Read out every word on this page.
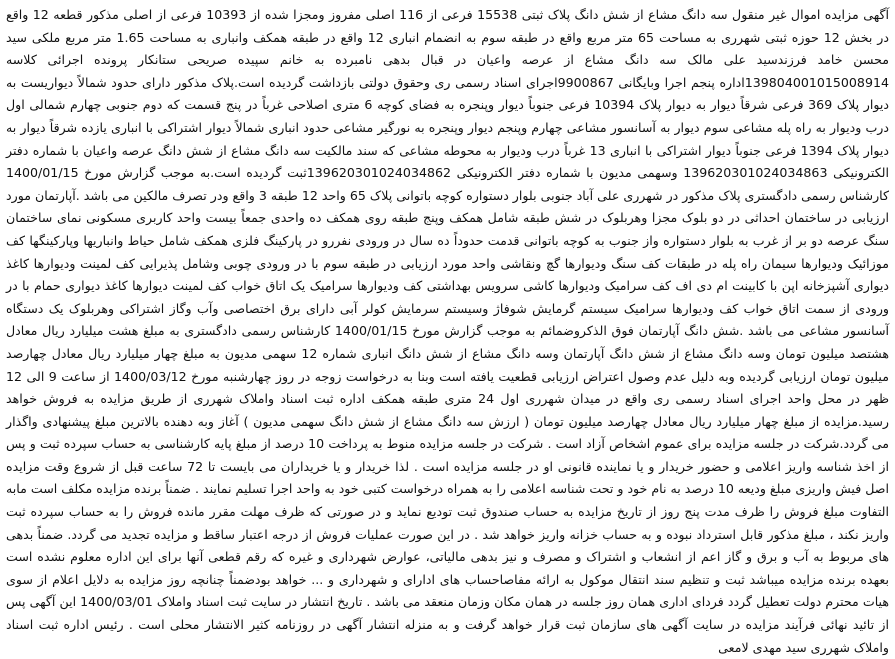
آگهی مزایده اموال غیر منقول سه دانگ مشاع از شش دانگ پلاک ثبتی 15538 فرعی از 116 اصلی مفروز ومجزا شده از 10393 فرعی از اصلی مذکور قطعه 12 واقع در بخش 12 حوزه ثبتی شهرری به مساحت 65 متر مربع واقع در طبقه سوم به انضمام انباری 12 واقع در طبقه همکف وانباری به مساحت 1.65 متر مربع ملکی سید محسن خامد فرزندسید علی مالک سه دانگ مشاع از عرصه واعیان در قبال بدهی نامبرده به خانم سپیده صریحی ستانکار پرونده اجرائی کلاسه 139804001015008914اداره پنجم اجرا وبایگانی 9900867اجرای اسناد رسمی ری وحقوق دولتی بازداشت گردیده است.پلاک مذکور دارای حدود شمالاً دیواریست به دیوار پلاک 369 فرعی شرقاً دیوار به دیوار پلاک 10394 فرعی جنوباً دیوار وپنجره به فضای کوچه 6 متری اصلاحی غرباً در پنج قسمت که دوم جنوبی چهارم شمالی اول درب ودیوار به راه پله مشاعی سوم دیوار به آسانسور مشاعی چهارم وپنجم دیوار وپنجره به نورگیر مشاعی حدود انباری شمالاً دیوار اشتراکی با انباری یازده شرقاً دیوار به دیوار پلاک 1394 فرعی جنوباً دیوار اشتراکی با انباری 13 غرباً درب ودیوار به محوطه مشاعی که سند مالکیت سه دانگ مشاع از شش دانگ عرصه واعیان با شماره دفتر الکترونیکی 139620301024034863 وسهمی مدیون با شماره دفتر الکترونیکی 139620301024034862ثبت گردیده است.به موجب گزارش مورخ 1400/01/15 کارشناس رسمی دادگستری پلاک مذکور در شهرری علی آباد جنوبی بلوار دستواره کوچه باتوانی پلاک 65 واحد 12 طبقه 3 واقع ودر تصرف مالکین می باشد .آپارتمان مورد ارزیابی در ساختمان احداثی در دو بلوک مجزا وهربلوک در شش طبقه شامل همکف وپنج طبقه روی همکف ده واحدی جمعاً بیست واحد کاربری مسکونی نمای ساختمان سنگ عرصه دو بر از غرب به بلوار دستواره واز جنوب به کوچه باتوانی قدمت حدوداً ده سال در ورودی نفررو در پارکینگ فلزی همکف شامل حیاط وانباریها وپارکینگها کف موزائیک ودیوارها سیمان راه پله در طبقات کف سنگ ودیوارها گچ ونقاشی واحد مورد ارزیابی در طبقه سوم با در ورودی چوبی وشامل پذیرایی کف لمینت ودیوارها کاغذ دیواری آشپزخانه اپن با کابینت ام دی اف کف سرامیک ودیوارها کاشی سرویس بهداشتی کف ودیوارها سرامیک یک اتاق خواب کف لمینت دیوارها کاغذ دیواری حمام با در ورودی از سمت اتاق خواب کف ودیوارها سرامیک سیستم گرمایش شوفاژ وسیستم سرمایش کولر آبی دارای برق اختصاصی وآب وگاز اشتراکی وهربلوک یک دستگاه آسانسور مشاعی می باشد .شش دانگ آپارتمان فوق الذکروضمائم به موجب گزارش مورخ 1400/01/15 کارشناس رسمی دادگستری به مبلغ هشت میلیارد ریال معادل هشتصد میلیون تومان وسه دانگ مشاع از شش دانگ آپارتمان وسه دانگ مشاع از شش دانگ انباری شماره 12 سهمی مدیون به مبلغ چهار میلیارد ریال معادل چهارصد میلیون تومان ارزیابی گردیده وبه دلیل عدم وصول اعتراض ارزیابی قطعیت یافته است وبنا به درخواست زوجه در روز چهارشنبه مورخ 1400/03/12 از ساعت 9 الی 12 ظهر در محل واحد اجرای اسناد رسمی ری واقع در میدان شهرری اول 24 متری طبقه همکف اداره ثبت اسناد واملاک شهرری از طریق مزایده به فروش خواهد رسید.مزایده از مبلغ چهار میلیارد ریال معادل چهارصد میلیون تومان ( ارزش سه دانگ مشاع از شش دانگ سهمی مدیون ) آغاز وبه دهنده بالاترین مبلغ پیشنهادی واگذار می گردد.شرکت در جلسه مزایده برای عموم اشخاص آزاد است . شرکت در جلسه مزایده منوط به پرداخت 10 درصد از مبلغ پایه کارشناسی به حساب سپرده ثبت و پس از اخذ شناسه واریز اعلامی و حضور خریدار و یا نماینده قانونی او در جلسه مزایده است . لذا خریدار و یا خریداران می بایست تا 72 ساعت قبل از شروع وقت مزایده اصل فیش واریزی مبلغ ودیعه 10 درصد به نام خود و تحت شناسه اعلامی را به همراه درخواست کتبی خود به واحد اجرا تسلیم نمایند . ضمناً برنده مزایده مکلف است مابه التفاوت مبلغ فروش را ظرف مدت پنج روز از تاریخ مزایده به حساب صندوق ثبت تودیع نماید و در صورتی که ظرف مهلت مقرر مانده فروش را به حساب سپرده ثبت واریز نکند ، مبلغ مذکور قابل استرداد نبوده و به حساب خزانه واریز خواهد شد . در این صورت عملیات فروش از درجه اعتبار ساقط و مزایده تجدید می گردد. ضمناً بدهی های مربوط به آب و برق و گاز اعم از انشعاب و اشتراک و مصرف و نیز بدهی مالیاتی، عوارض شهرداری و غیره که رقم قطعی آنها برای این اداره معلوم نشده است بعهده برنده مزایده میباشد ثبت و تنظیم سند انتقال موکول به ارائه مفاصاحساب های ادارای و شهرداری و ... خواهد بودضمناً چنانچه روز مزایده به دلایل اعلام از سوی هیات محترم دولت تعطیل گردد فردای اداری همان روز جلسه در همان مکان وزمان منعقد می باشد . تاریخ انتشار در سایت ثبت اسناد واملاک 1400/03/01 این آگهی پس از تائید نهائی فرآیند مزایده در سایت آگهی های سازمان ثبت قرار خواهد گرفت و به منزله انتشار آگهی در روزنامه کثیر الانتشار محلی است . رئیس اداره ثبت اسناد واملاک شهرری سید مهدی لامعی
